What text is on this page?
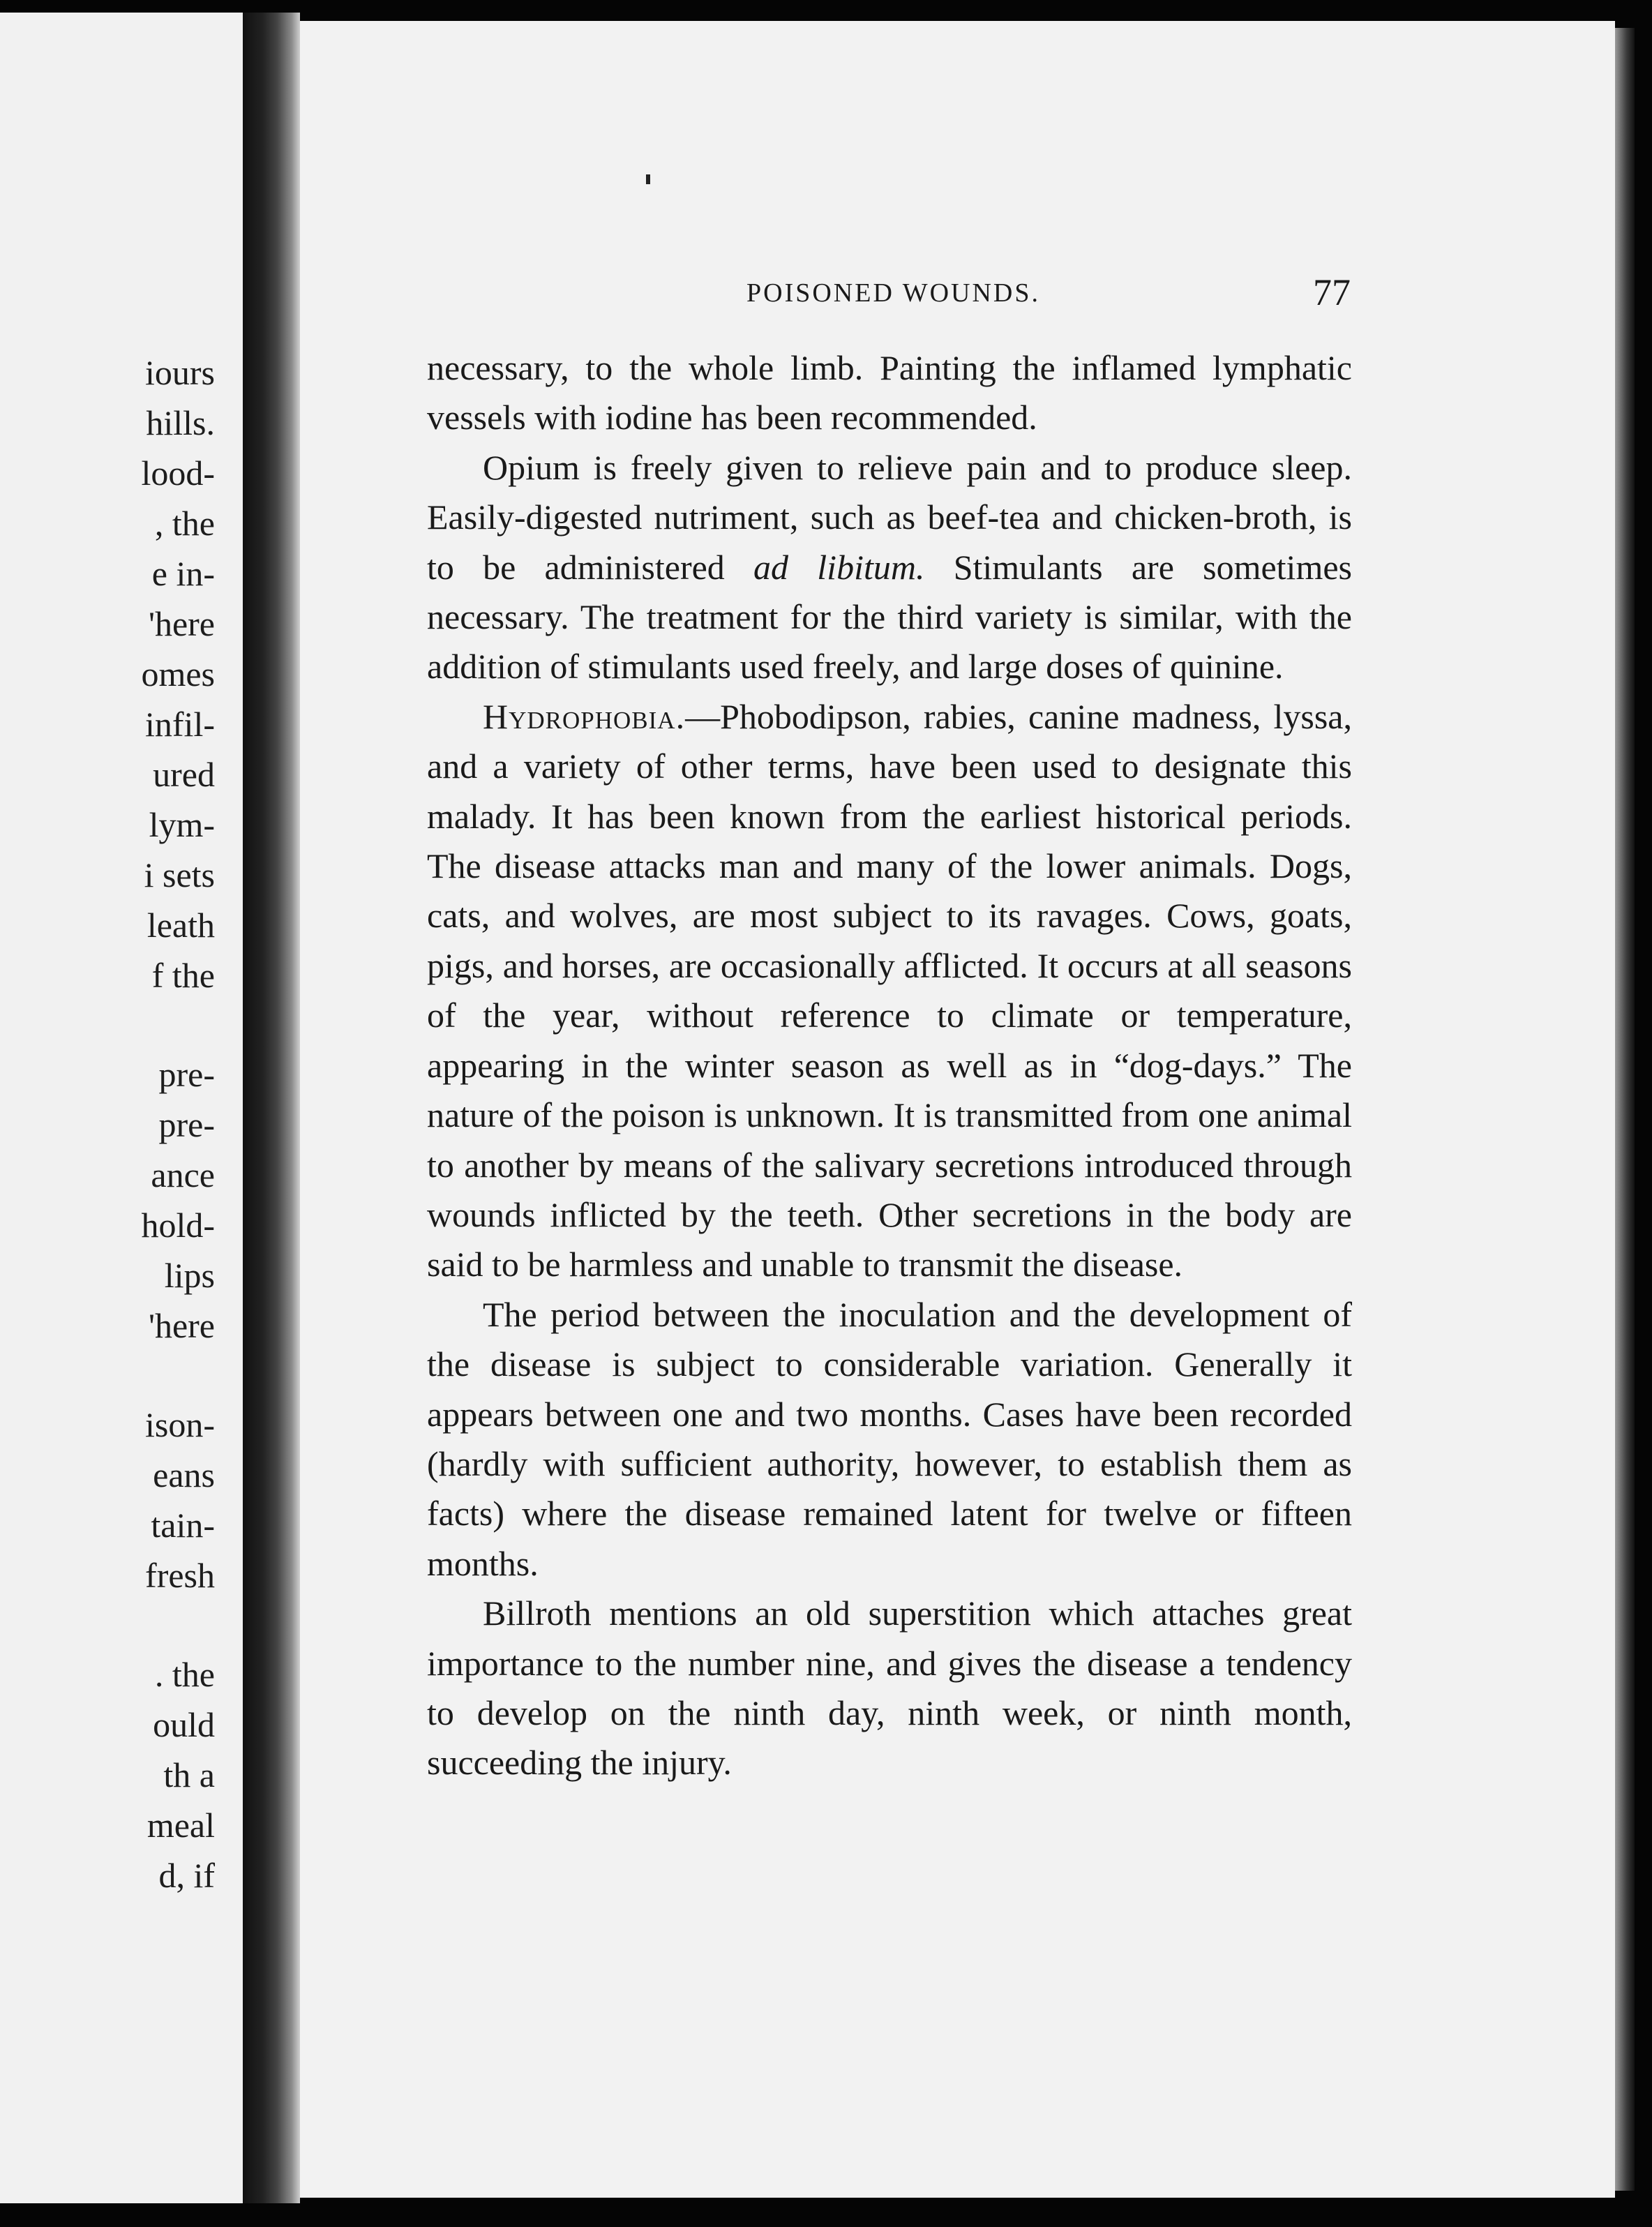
iours
hills.
lood-
, the
e in-
'here
omes
infil-
ured
lym-
i sets
leath
f the
pre-
pre-
ance
hold-
lips
'here
ison-
eans
tain-
fresh
. the
ould
th a
meal
d, if
POISONED WOUNDS.	77

necessary, to the whole limb. Painting the inflamed lymphatic vessels with iodine has been recommended.

Opium is freely given to relieve pain and to produce sleep. Easily-digested nutriment, such as beef-tea and chicken-broth, is to be administered ad libitum. Stimulants are sometimes necessary. The treatment for the third variety is similar, with the addition of stimulants used freely, and large doses of quinine.

Hydrophobia.—Phobodipson, rabies, canine madness, lyssa, and a variety of other terms, have been used to designate this malady. It has been known from the earliest historical periods. The disease attacks man and many of the lower animals. Dogs, cats, and wolves, are most subject to its ravages. Cows, goats, pigs, and horses, are occasionally afflicted. It occurs at all seasons of the year, without reference to climate or temperature, appearing in the winter season as well as in “dog-days.” The nature of the poison is unknown. It is transmitted from one animal to another by means of the salivary secretions introduced through wounds inflicted by the teeth. Other secretions in the body are said to be harmless and unable to transmit the disease.

The period between the inoculation and the development of the disease is subject to considerable variation. Generally it appears between one and two months. Cases have been recorded (hardly with sufficient authority, however, to establish them as facts) where the disease remained latent for twelve or fifteen months.

Billroth mentions an old superstition which attaches great importance to the number nine, and gives the disease a tendency to develop on the ninth day, ninth week, or ninth month, succeeding the injury.
